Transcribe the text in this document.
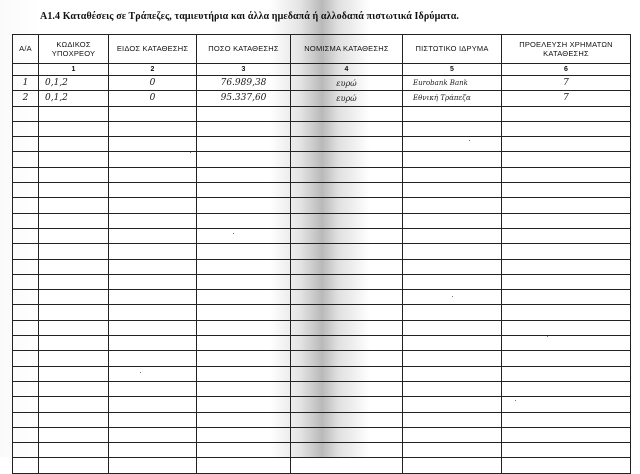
Α1.4 Καταθέσεις σε Τράπεζες, ταμιευτήρια και άλλα ημεδαπά ή αλλοδαπά πιστωτικά Ιδρύματα.
Α/Α	ΚΩΔΙΚΟΣ ΥΠΟΧΡΕΟΥ	ΕΙΔΟΣ ΚΑΤΑΘΕΣΗΣ	ΠΟΣΟ ΚΑΤΑΘΕΣΗΣ	ΝΟΜΙΣΜΑ ΚΑΤΑΘΕΣΗΣ	ΠΙΣΤΩΤΙΚΟ ΙΔΡΥΜΑ	ΠΡΟΕΛΕΥΣΗ ΧΡΗΜΑΤΩΝ ΚΑΤΑΘΕΣΗΣ
	1	2	3	4	5	6

1	0,1,2	0	76.989,38	ευρώ	Eurobank Bank	7

2	0,1,2	0	95.337,60	ευρώ	Εθνική Τράπεζα	7
